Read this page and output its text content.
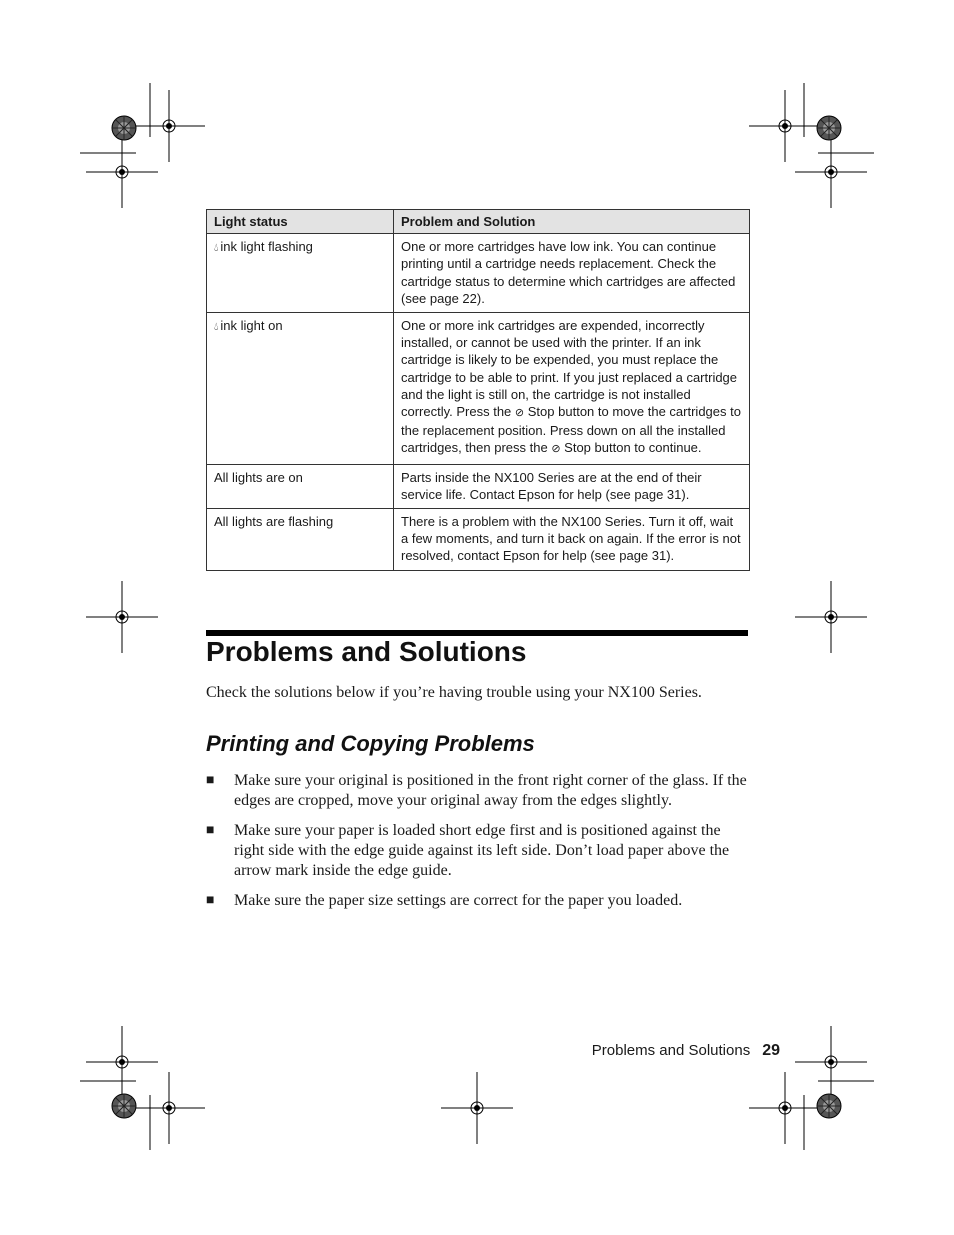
Light status	Problem and Solution
💧︎ ink light flashing	One or more cartridges have low ink. You can continue printing until a cartridge needs replacement. Check the cartridge status to determine which cartridges are affected (see page 22).
💧︎ ink light on	One or more ink cartridges are expended, incorrectly installed, or cannot be used with the printer. If an ink cartridge is likely to be expended, you must replace the cartridge to be able to print. If you just replaced a cartridge and the light is still on, the cartridge is not installed correctly. Press the ⊘ Stop button to move the cartridges to the replacement position. Press down on all the installed cartridges, then press the ⊘ Stop button to continue.
All lights are on	Parts inside the NX100 Series are at the end of their service life. Contact Epson for help (see page 31).
All lights are flashing	There is a problem with the NX100 Series. Turn it off, wait a few moments, and turn it back on again. If the error is not resolved, contact Epson for help (see page 31).
Problems and Solutions

Check the solutions below if you’re having trouble using your NX100 Series.

Printing and Copying Problems
■ Make sure your original is positioned in the front right corner of the glass. If the edges are cropped, move your original away from the edges slightly.
■ Make sure your paper is loaded short edge first and is positioned against the right side with the edge guide against its left side. Don’t load paper above the arrow mark inside the edge guide.
■ Make sure the paper size settings are correct for the paper you loaded.
Problems and Solutions 29
